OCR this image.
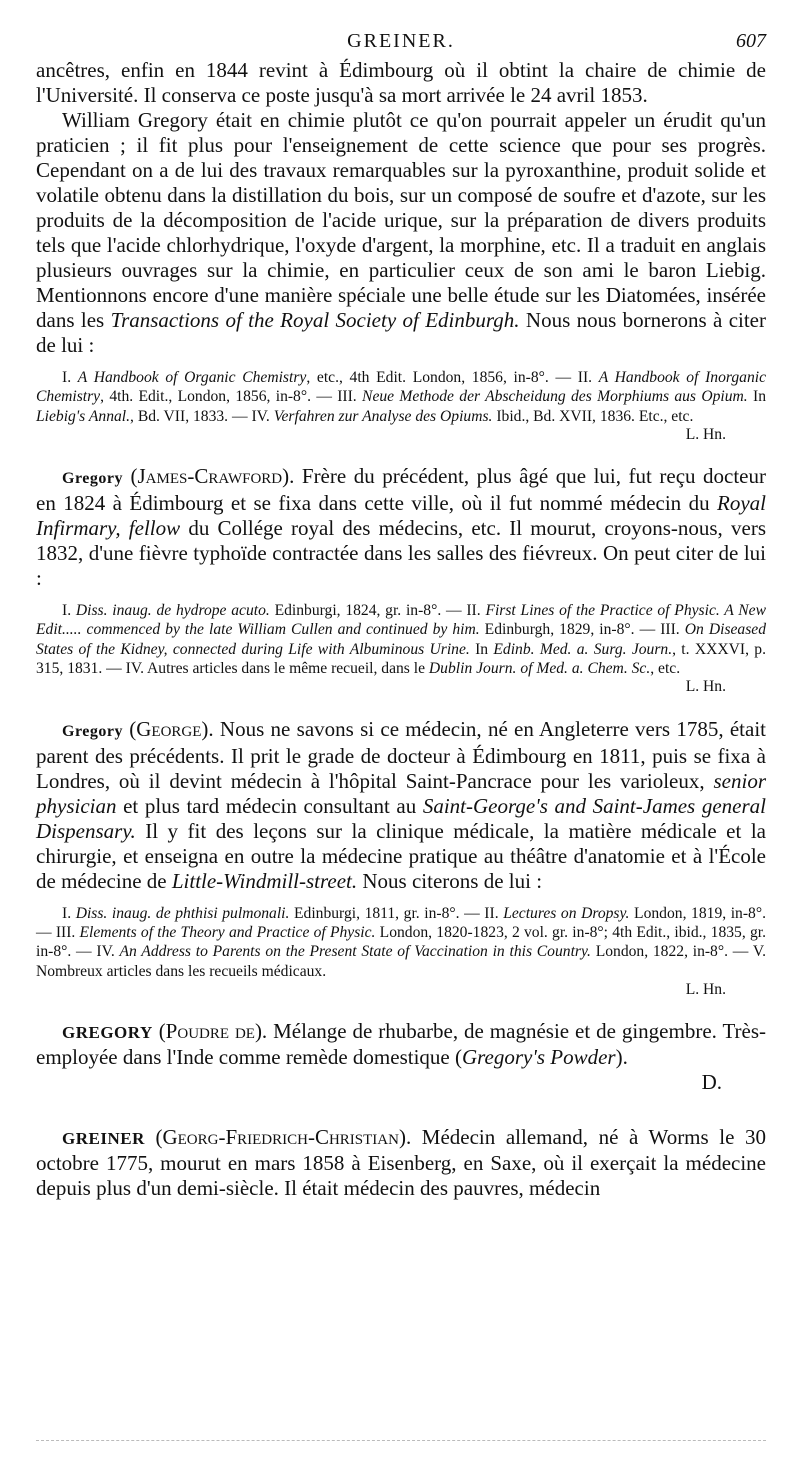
GREINER.	607

ancêtres, enfin en 1844 revint à Édimbourg où il obtint la chaire de chimie de l'Université. Il conserva ce poste jusqu'à sa mort arrivée le 24 avril 1853.

William Gregory était en chimie plutôt ce qu'on pourrait appeler un érudit qu'un praticien ; il fit plus pour l'enseignement de cette science que pour ses progrès. Cependant on a de lui des travaux remarquables sur la pyroxanthine, produit solide et volatile obtenu dans la distillation du bois, sur un composé de soufre et d'azote, sur les produits de la décomposition de l'acide urique, sur la préparation de divers produits tels que l'acide chlorhydrique, l'oxyde d'argent, la morphine, etc. Il a traduit en anglais plusieurs ouvrages sur la chimie, en particulier ceux de son ami le baron Liebig. Mentionnons encore d'une manière spéciale une belle étude sur les Diatomées, insérée dans les Transactions of the Royal Society of Edinburgh. Nous nous bornerons à citer de lui :

I. A Handbook of Organic Chemistry, etc., 4th Edit. London, 1856, in-8°. — II. A Handbook of Inorganic Chemistry, 4th. Edit., London, 1856, in-8°. — III. Neue Methode der Abscheidung des Morphiums aus Opium. In Liebig's Annal., Bd. VII, 1833. — IV. Verfahren zur Analyse des Opiums. Ibid., Bd. XVII, 1836. Etc., etc.

L. Hn.

Gregory (James-Crawford). Frère du précédent, plus âgé que lui, fut reçu docteur en 1824 à Édimbourg et se fixa dans cette ville, où il fut nommé médecin du Royal Infirmary, fellow du Collége royal des médecins, etc. Il mourut, croyons-nous, vers 1832, d'une fièvre typhoïde contractée dans les salles des fiévreux. On peut citer de lui :

I. Diss. inaug. de hydrope acuto. Edinburgi, 1824, gr. in-8°. — II. First Lines of the Practice of Physic. A New Edit..... commenced by the late William Cullen and continued by him. Edinburgh, 1829, in-8°. — III. On Diseased States of the Kidney, connected during Life with Albuminous Urine. In Edinb. Med. a. Surg. Journ., t. XXXVI, p. 315, 1831. — IV. Autres articles dans le même recueil, dans le Dublin Journ. of Med. a. Chem. Sc., etc.

L. Hn.

Gregory (George). Nous ne savons si ce médecin, né en Angleterre vers 1785, était parent des précédents. Il prit le grade de docteur à Édimbourg en 1811, puis se fixa à Londres, où il devint médecin à l'hôpital Saint-Pancrace pour les varioleux, senior physician et plus tard médecin consultant au Saint-George's and Saint-James general Dispensary. Il y fit des leçons sur la clinique médicale, la matière médicale et la chirurgie, et enseigna en outre la médecine pratique au théâtre d'anatomie et à l'École de médecine de Little-Windmill-street. Nous citerons de lui :

I. Diss. inaug. de phthisi pulmonali. Edinburgi, 1811, gr. in-8°. — II. Lectures on Dropsy. London, 1819, in-8°. — III. Elements of the Theory and Practice of Physic. London, 1820-1823, 2 vol. gr. in-8°; 4th Edit., ibid., 1835, gr. in-8°. — IV. An Address to Parents on the Present State of Vaccination in this Country. London, 1822, in-8°. — V. Nombreux articles dans les recueils médicaux.

L. Hn.

GREGORY (Poudre de). Mélange de rhubarbe, de magnésie et de gingembre. Très-employée dans l'Inde comme remède domestique (Gregory's Powder).

D.

GREINER (Georg-Friedrich-Christian). Médecin allemand, né à Worms le 30 octobre 1775, mourut en mars 1858 à Eisenberg, en Saxe, où il exerçait la médecine depuis plus d'un demi-siècle. Il était médecin des pauvres, médecin
